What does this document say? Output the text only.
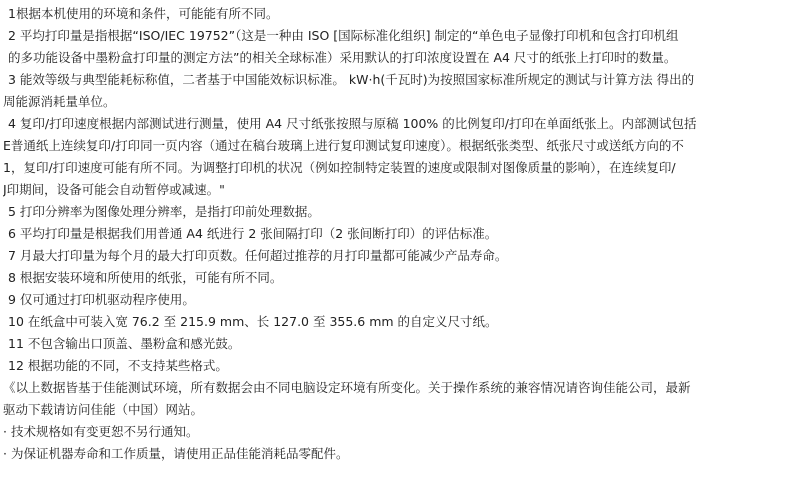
1根据本机使用的环境和条件，可能能有所不同。
2 平均打印量是指根据“ISO/IEC 19752”（这是一种由 ISO [国际标准化组织] 制定的“单色电子显像打印机和包含打印机组
的多功能设备中墨粉盒打印量的测定方法”的相关全球标准）采用默认的打印浓度设置在 A4 尺寸的纸张上打印时的数量。
3 能效等级与典型能耗标称值，二者基于中国能效标识标准。 kW·h(千瓦时)为按照国家标准所规定的测试与计算方法 得出的
周能源消耗量单位。
4 复印/打印速度根据内部测试进行测量，使用 A4 尺寸纸张按照与原稿 100% 的比例复印/打印在单面纸张上。内部测试包括
E普通纸上连续复印/打印同一页内容（通过在稿台玻璃上进行复印测试复印速度）。根据纸张类型、纸张尺寸或送纸方向的不
1，复印/打印速度可能有所不同。为调整打印机的状况（例如控制特定装置的速度或限制对图像质量的影响），在连续复印/
J印期间，设备可能会自动暂停或减速。"
5 打印分辨率为图像处理分辨率，是指打印前处理数据。
6 平均打印量是根据我们用普通 A4 纸进行 2 张间隔打印（2 张间断打印）的评估标准。
7 月最大打印量为每个月的最大打印页数。任何超过推荐的月打印量都可能减少产品寿命。
8 根据安装环境和所使用的纸张，可能有所不同。
9 仅可通过打印机驱动程序使用。
10 在纸盒中可装入宽 76.2 至 215.9 mm、长 127.0 至 355.6 mm 的自定义尺寸纸。
11 不包含输出口顶盖、墨粉盒和感光鼓。
12 根据功能的不同，不支持某些格式。
《以上数据皆基于佳能测试环境，所有数据会由不同电脑设定环境有所变化。关于操作系统的兼容情况请咨询佳能公司，最新
驱动下载请访问佳能（中国）网站。
· 技术规格如有变更恕不另行通知。
· 为保证机器寿命和工作质量，请使用正品佳能消耗品零配件。
